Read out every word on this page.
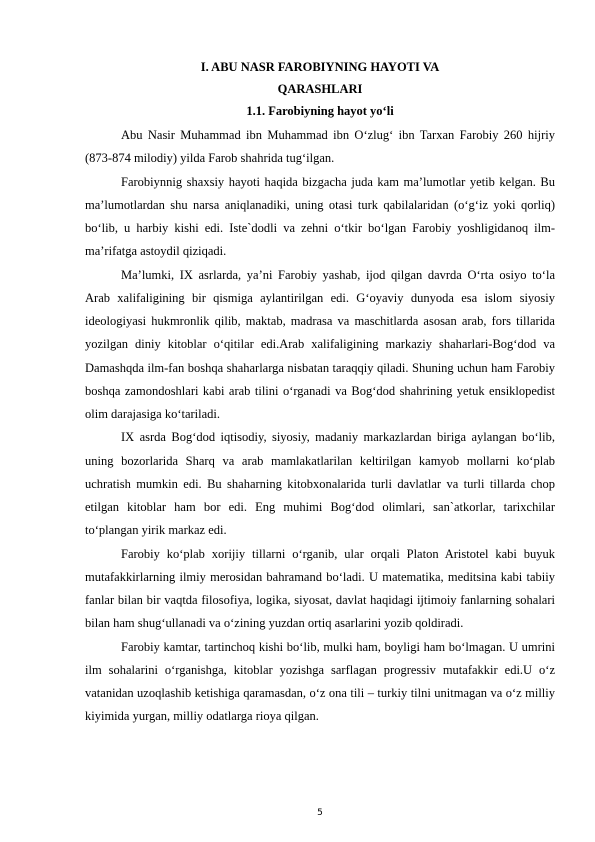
I. ABU NASR FAROBIYNING HAYOTI VA
QARASHLARI
1.1. Farobiyning hayot yo‘li

Abu Nasir Muhammad ibn Muhammad ibn O‘zlug‘ ibn Tarxan Farobiy 260 hijriy (873-874 milodiy) yilda Farob shahrida tug‘ilgan.

Farobiynnig shaxsiy hayoti haqida bizgacha juda kam ma’lumotlar yetib kelgan. Bu ma’lumotlardan shu narsa aniqlanadiki, uning otasi turk qabilalaridan (o‘g‘iz yoki qorliq) bo‘lib, u harbiy kishi edi. Iste`dodli va zehni o‘tkir bo‘lgan Farobiy yoshligidanoq ilm-ma’rifatga astoydil qiziqadi.

Ma’lumki, IX asrlarda, ya’ni Farobiy yashab, ijod qilgan davrda O‘rta osiyo to‘la Arab xalifaligining bir qismiga aylantirilgan edi. G‘oyaviy dunyoda esa islom siyosiy ideologiyasi hukmronlik qilib, maktab, madrasa va maschitlarda asosan arab, fors tillarida yozilgan diniy kitoblar o‘qitilar edi.Arab xalifaligining markaziy shaharlari-Bog‘dod va Damashqda ilm-fan boshqa shaharlarga nisbatan taraqqiy qiladi. Shuning uchun ham Farobiy boshqa zamondoshlari kabi arab tilini o‘rganadi va Bog‘dod shahrining yetuk ensiklopedist olim darajasiga ko‘tariladi.

IX asrda Bog‘dod iqtisodiy, siyosiy, madaniy markazlardan biriga aylangan bo‘lib, uning bozorlarida Sharq va arab mamlakatlarilan keltirilgan kamyob mollarni ko‘plab uchratish mumkin edi. Bu shaharning kitobxonalarida turli davlatlar va turli tillarda chop etilgan kitoblar ham bor edi. Eng muhimi Bog‘dod olimlari, san`atkorlar, tarixchilar to‘plangan yirik markaz edi.

Farobiy ko‘plab xorijiy tillarni o‘rganib, ular orqali Platon Aristotel kabi buyuk mutafakkirlarning ilmiy merosidan bahramand bo‘ladi. U matematika, meditsina kabi tabiiy fanlar bilan bir vaqtda filosofiya, logika, siyosat, davlat haqidagi ijtimoiy fanlarning sohalari bilan ham shug‘ullanadi va o‘zining yuzdan ortiq asarlarini yozib qoldiradi.

Farobiy kamtar, tartinchoq kishi bo‘lib, mulki ham, boyligi ham bo‘lmagan. U umrini ilm sohalarini o‘rganishga, kitoblar yozishga sarflagan progressiv mutafakkir edi.U o‘z vatanidan uzoqlashib ketishiga qaramasdan, o‘z ona tili – turkiy tilni unitmagan va o‘z milliy kiyimida yurgan, milliy odatlarga rioya qilgan.

5
